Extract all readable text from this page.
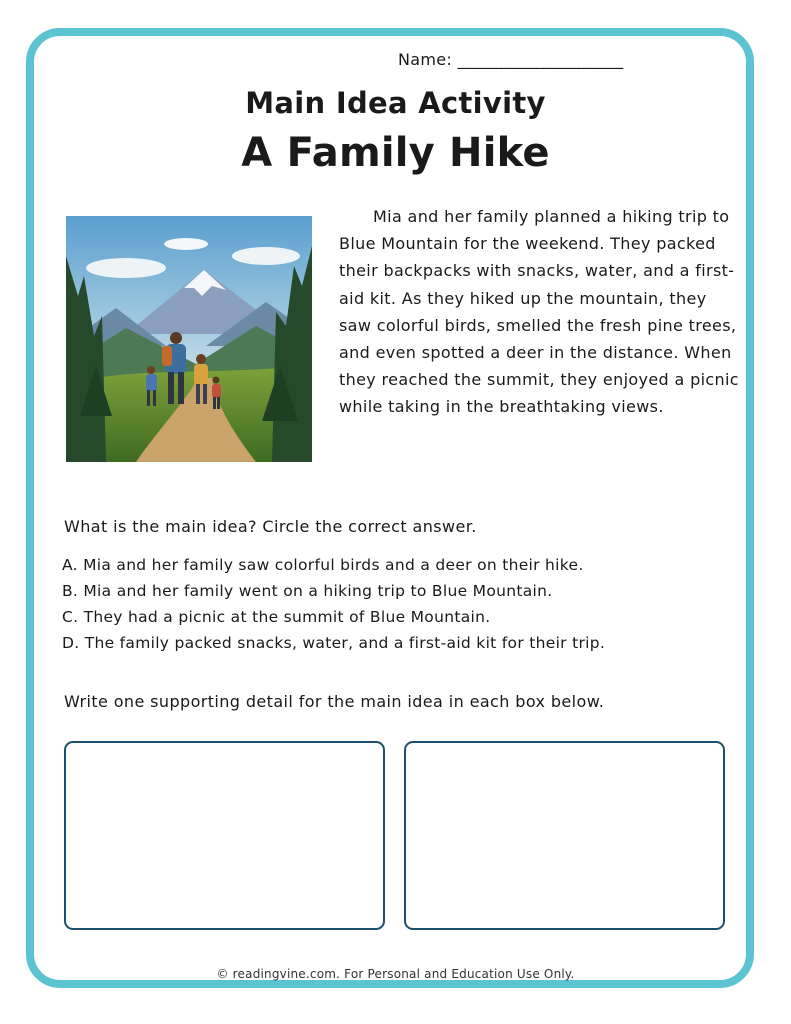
Name: ____________________
Main Idea Activity
A Family Hike

Mia and her family planned a hiking trip to Blue Mountain for the weekend. They packed their backpacks with snacks, water, and a first-aid kit. As they hiked up the mountain, they saw colorful birds, smelled the fresh pine trees, and even spotted a deer in the distance. When they reached the summit, they enjoyed a picnic while taking in the breathtaking views.

What is the main idea? Circle the correct answer.
A. Mia and her family saw colorful birds and a deer on their hike.
B. Mia and her family went on a hiking trip to Blue Mountain.
C. They had a picnic at the summit of Blue Mountain.
D. The family packed snacks, water, and a first-aid kit for their trip.
Write one supporting detail for the main idea in each box below.
© readingvine.com. For Personal and Education Use Only.
